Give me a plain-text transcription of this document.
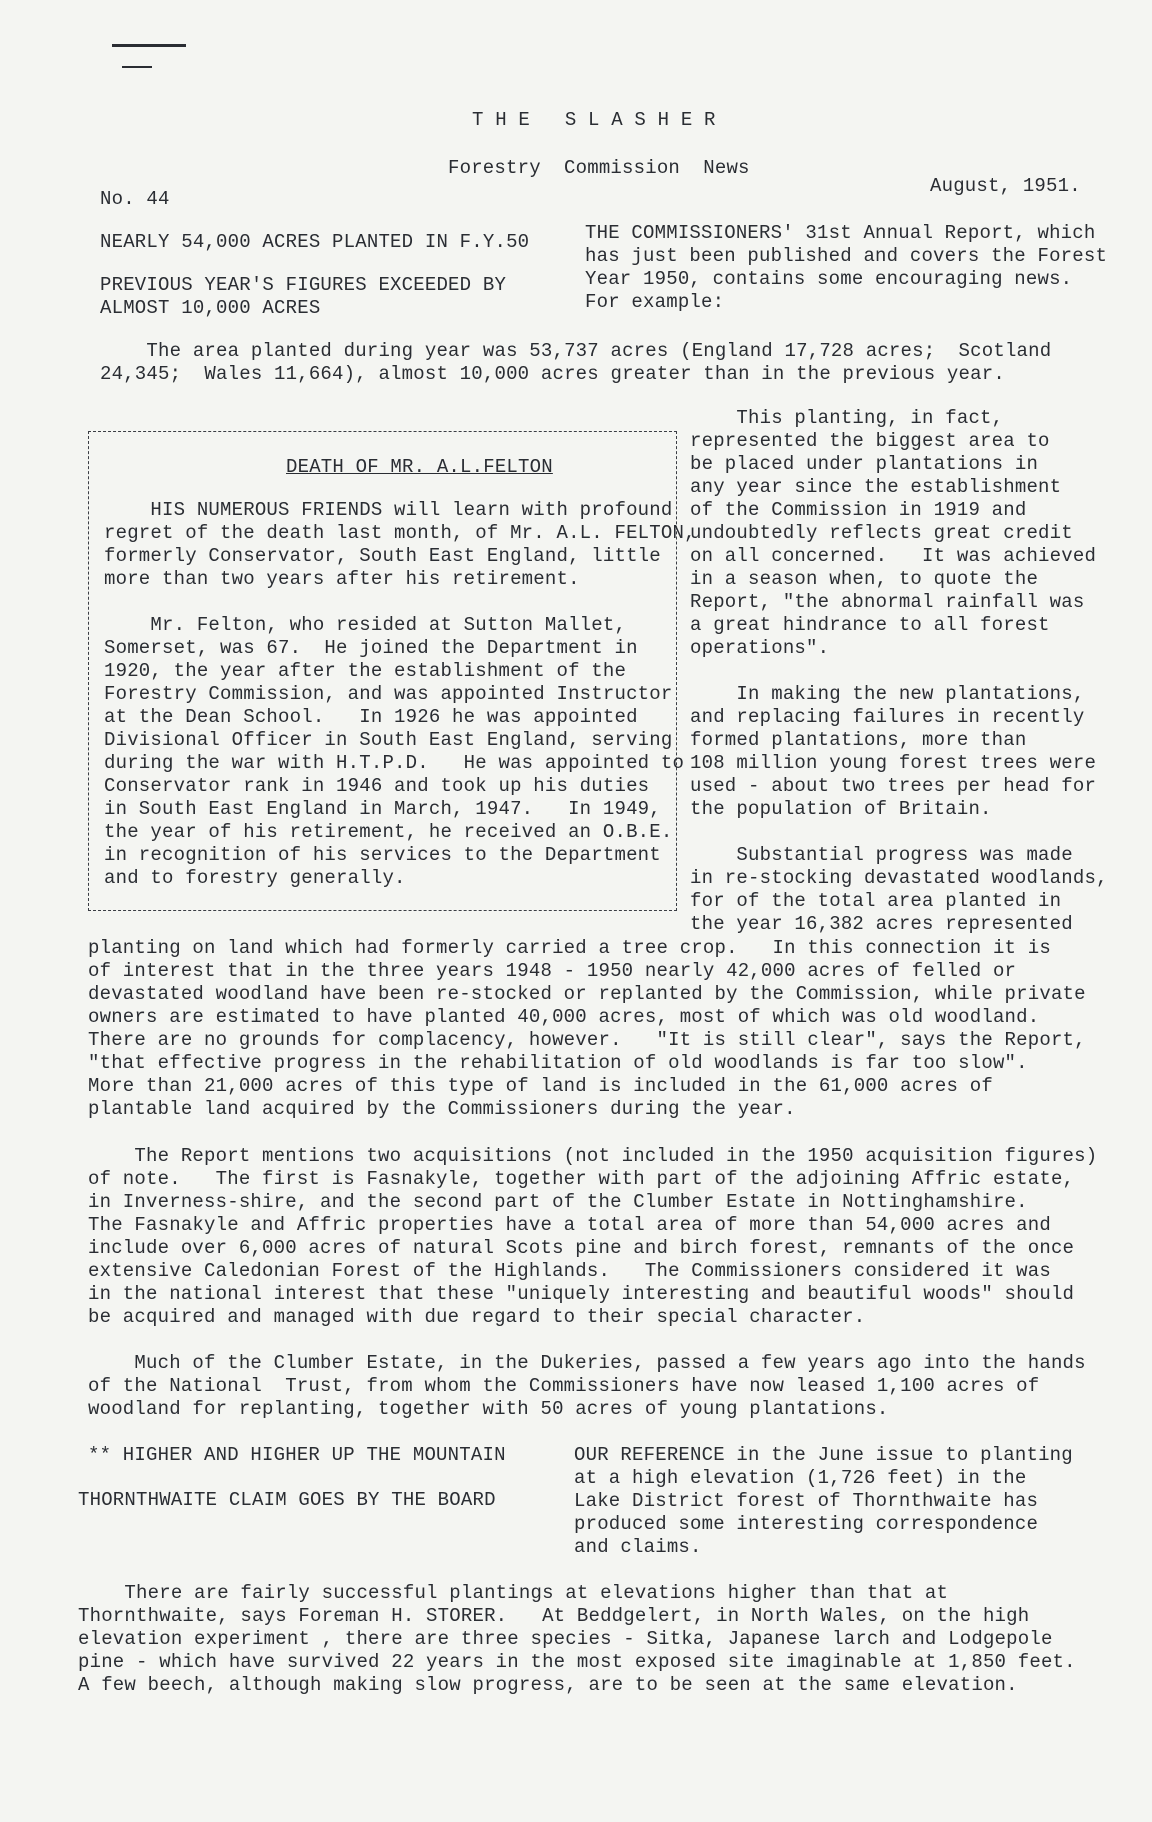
T H E   S L A S H E R
Forestry  Commission  News
No. 44
August, 1951.
NEARLY 54,000 ACRES PLANTED IN F.Y.50
PREVIOUS YEAR'S FIGURES EXCEEDED BY
ALMOST 10,000 ACRES
THE COMMISSIONERS' 31st Annual Report, which
has just been published and covers the Forest
Year 1950, contains some encouraging news.
For example:
The area planted during year was 53,737 acres (England 17,728 acres;  Scotland
24,345;  Wales 11,664), almost 10,000 acres greater than in the previous year.
DEATH OF MR. A.L.FELTON
HIS NUMEROUS FRIENDS will learn with profound
regret of the death last month, of Mr. A.L. FELTON,
formerly Conservator, South East England, little
more than two years after his retirement.
Mr. Felton, who resided at Sutton Mallet,
Somerset, was 67.  He joined the Department in
1920, the year after the establishment of the
Forestry Commission, and was appointed Instructor
at the Dean School.   In 1926 he was appointed
Divisional Officer in South East England, serving
during the war with H.T.P.D.   He was appointed to
Conservator rank in 1946 and took up his duties
in South East England in March, 1947.   In 1949,
the year of his retirement, he received an O.B.E.
in recognition of his services to the Department
and to forestry generally.
This planting, in fact,
represented the biggest area to
be placed under plantations in
any year since the establishment
of the Commission in 1919 and
undoubtedly reflects great credit
on all concerned.   It was achieved
in a season when, to quote the
Report, "the abnormal rainfall was
a great hindrance to all forest
operations".
In making the new plantations,
and replacing failures in recently
formed plantations, more than
108 million young forest trees were
used - about two trees per head for
the population of Britain.
Substantial progress was made
in re-stocking devastated woodlands,
for of the total area planted in
the year 16,382 acres represented
planting on land which had formerly carried a tree crop.   In this connection it is
of interest that in the three years 1948 - 1950 nearly 42,000 acres of felled or
devastated woodland have been re-stocked or replanted by the Commission, while private
owners are estimated to have planted 40,000 acres, most of which was old woodland.
There are no grounds for complacency, however.   "It is still clear", says the Report,
"that effective progress in the rehabilitation of old woodlands is far too slow".
More than 21,000 acres of this type of land is included in the 61,000 acres of
plantable land acquired by the Commissioners during the year.
The Report mentions two acquisitions (not included in the 1950 acquisition figures)
of note.   The first is Fasnakyle, together with part of the adjoining Affric estate,
in Inverness-shire, and the second part of the Clumber Estate in Nottinghamshire.
The Fasnakyle and Affric properties have a total area of more than 54,000 acres and
include over 6,000 acres of natural Scots pine and birch forest, remnants of the once
extensive Caledonian Forest of the Highlands.   The Commissioners considered it was
in the national interest that these "uniquely interesting and beautiful woods" should
be acquired and managed with due regard to their special character.
Much of the Clumber Estate, in the Dukeries, passed a few years ago into the hands
of the National  Trust, from whom the Commissioners have now leased 1,100 acres of
woodland for replanting, together with 50 acres of young plantations.
** HIGHER AND HIGHER UP THE MOUNTAIN
THORNTHWAITE CLAIM GOES BY THE BOARD
OUR REFERENCE in the June issue to planting
at a high elevation (1,726 feet) in the
Lake District forest of Thornthwaite has
produced some interesting correspondence
and claims.
There are fairly successful plantings at elevations higher than that at
Thornthwaite, says Foreman H. STORER.   At Beddgelert, in North Wales, on the high
elevation experiment , there are three species - Sitka, Japanese larch and Lodgepole
pine - which have survived 22 years in the most exposed site imaginable at 1,850 feet.
A few beech, although making slow progress, are to be seen at the same elevation.
